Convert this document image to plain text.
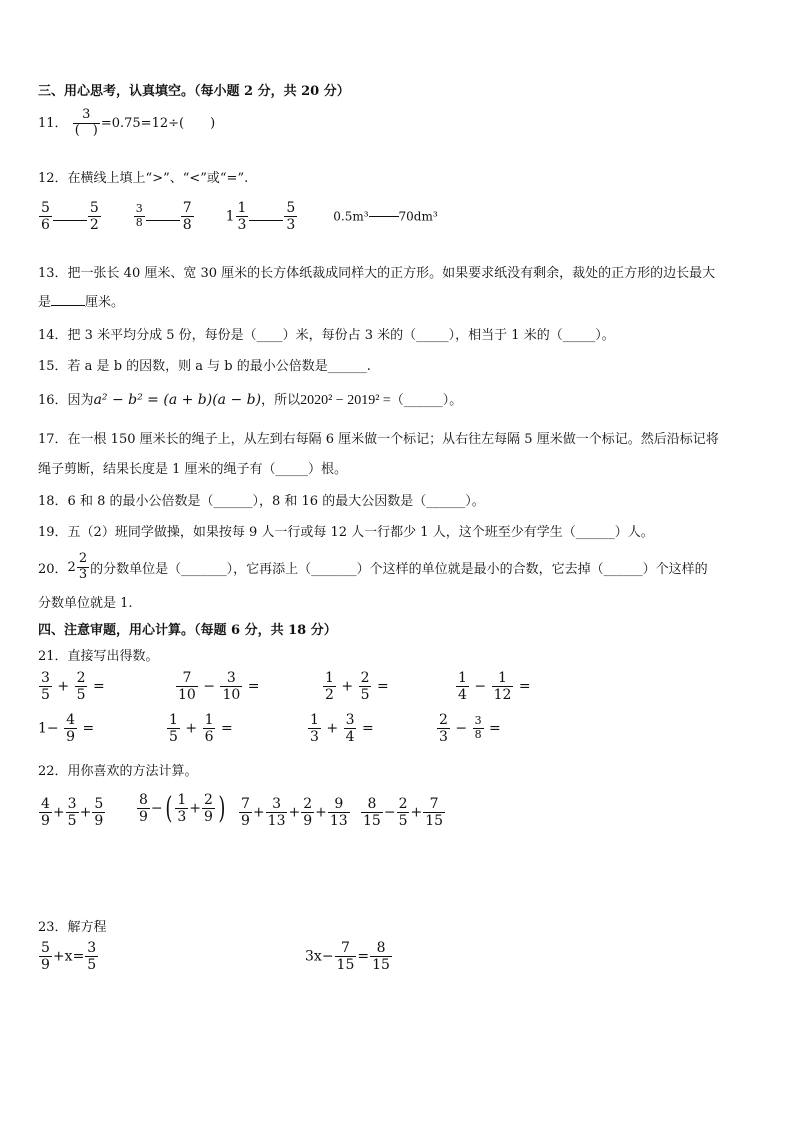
三、用心思考，认真填空。（每小题 2 分，共 20 分）
11．
3
(　) =0.75=12÷(　　)
12．在横线上填上“>”、“<”或“=”.
$\frac{5}{6}$	$\frac{5}{2}$
	$\frac{3}{8}$	$\frac{7}{8} 1 \frac{1}{3}$	$\frac{5}{3}$	0.5m³	70dm³
13．把一张长 40 厘米、宽 30 厘米的长方体纸裁成同样大的正方形。如果要求纸没有剩余，裁处的正方形的边长最大
是	厘米。
14．把 3 米平均分成 5 份，每份是（____）米，每份占 3 米的（_____），相当于 1 米的（_____）。
15．若 a 是 b 的因数，则 a 与 b 的最小公倍数是______.
16．因为a² − b² = (a + b)(a − b)，所以2020² − 2019² =（______）。
17．在一根 150 厘米长的绳子上，从左到右每隔 6 厘米做一个标记；从右往左每隔 5 厘米做一个标记。然后沿标记将
绳子剪断，结果长度是 1 厘米的绳子有（_____）根。
18．6 和 8 的最小公倍数是（______），8 和 16 的最大公因数是（______）。
19．五（2）班同学做操，如果按每 9 人一行或每 12 人一行都少 1 人，这个班至少有学生（______）人。
20．$2 \frac{2}{3}$ 的分数单位是（_______），它再添上（_______）个这样的单位就是最小的合数，它去掉（______）个这样的
分数单位就是 1.
四、注意审题，用心计算。（每题 6 分，共 18 分）
21．直接写出得数。
$\frac{3}{5} + \frac{2}{5}$ =	$\frac{7}{10} - \frac{3}{10}$ =	$\frac{1}{2} + \frac{2}{5}$ =	$\frac{1}{4} - \frac{1}{12}$ =
$1- \frac{4}{9}$ =	$\frac{1}{5} + \frac{1}{6}$ =	$\frac{1}{3} + \frac{3}{4}$ =	$\frac{2}{3} - \frac{3}{8}$ =
22．用你喜欢的方法计算。
$\frac{4}{9} + \frac{3}{5} + \frac{5}{9} \frac{8}{9}$ −( $\frac{1}{3} + \frac{2}{9}$ ) $\frac{7}{9} + \frac{3}{13} + \frac{2}{9} + \frac{9}{13} \frac{8}{15} - \frac{2}{5} + \frac{7}{15}$
23．解方程
$\frac{5}{9} +x= \frac{3}{5}$	$3x- \frac{7}{15} = \frac{8}{15}$
